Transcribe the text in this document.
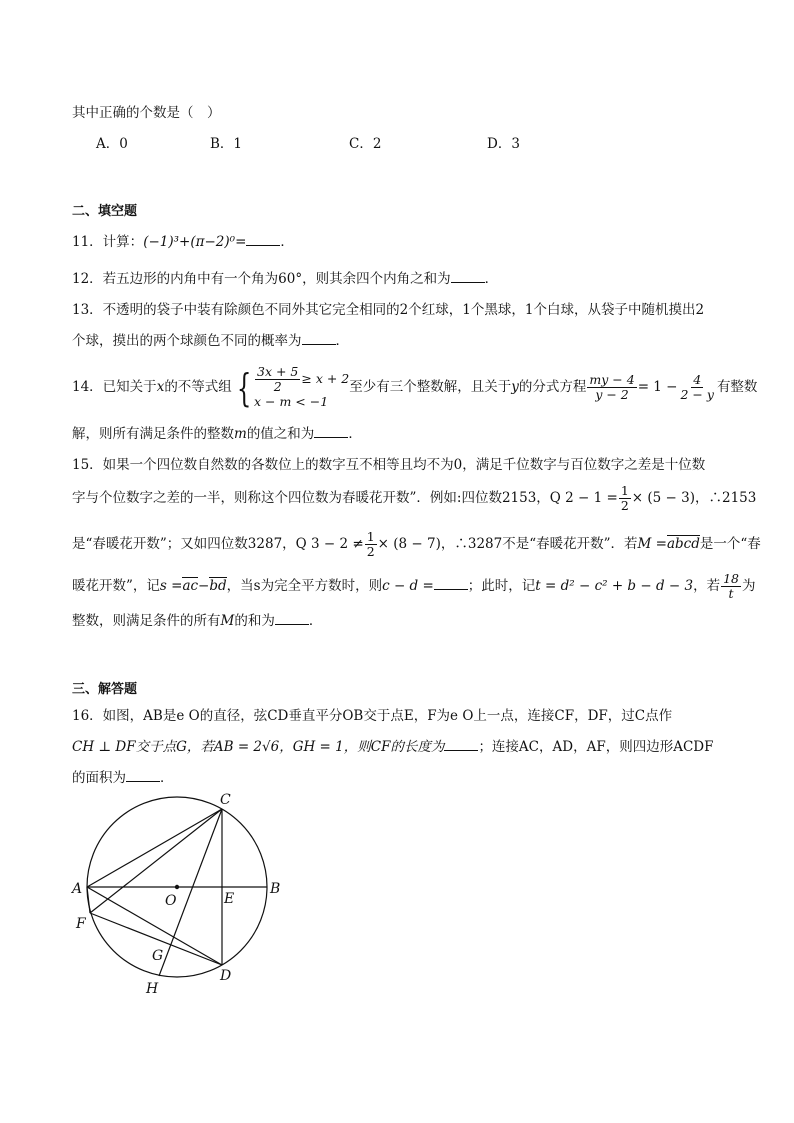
其中正确的个数是（　）
A．0	B．1	C．2	D．3
二、填空题
11．计算：(−1)³+(π−2)⁰=	．
12．若五边形的内角中有一个角为60°，则其余四个内角之和为	．
13．不透明的袋子中装有除颜色不同外其它完全相同的2个红球，1个黑球，1个白球，从袋子中随机摸出2
个球，摸出的两个球颜色不同的概率为	．
14．已知关于x的不等式组 { $\frac{3x + 5}{2} \ge x + 2$
x − m < −1
至少有三个整数解，且关于y的分式方程 $\frac{my - 4}{y - 2} = 1 - \frac{4}{2 - y}$ 有整数
解，则所有满足条件的整数m的值之和为	．
15．如果一个四位数自然数的各数位上的数字互不相等且均不为0，满足千位数字与百位数字之差是十位数
字与个位数字之差的一半，则称这个四位数为春暖花开数”．例如:四位数2153，Q $2 - 1 = \frac{1}{2} \times (5 - 3)$，∴2153
是“春暖花开数”；又如四位数3287，Q $3 - 2 \ne \frac{1}{2} \times (8 - 7)$，∴3287不是“春暖花开数”．若M =abcd是一个“春
暖花开数”，记s =ac−bd，当s为完全平方数时，则c − d =	；此时，记t = d² − c² + b − d − 3，若 $\frac{18}{t}$ 为
整数，则满足条件的所有M的和为	．
三、解答题
16．如图，AB是e O的直径，弦CD垂直平分OB交于点E，F为e O上一点，连接CF，DF，过C点作
CH ⊥ DF交于点G，若AB = 2√6，GH = 1，则CF的长度为	；连接AC，AD，AF，则四边形ACDF
的面积为	．
C
A	B
O	E
F
G
D
H
